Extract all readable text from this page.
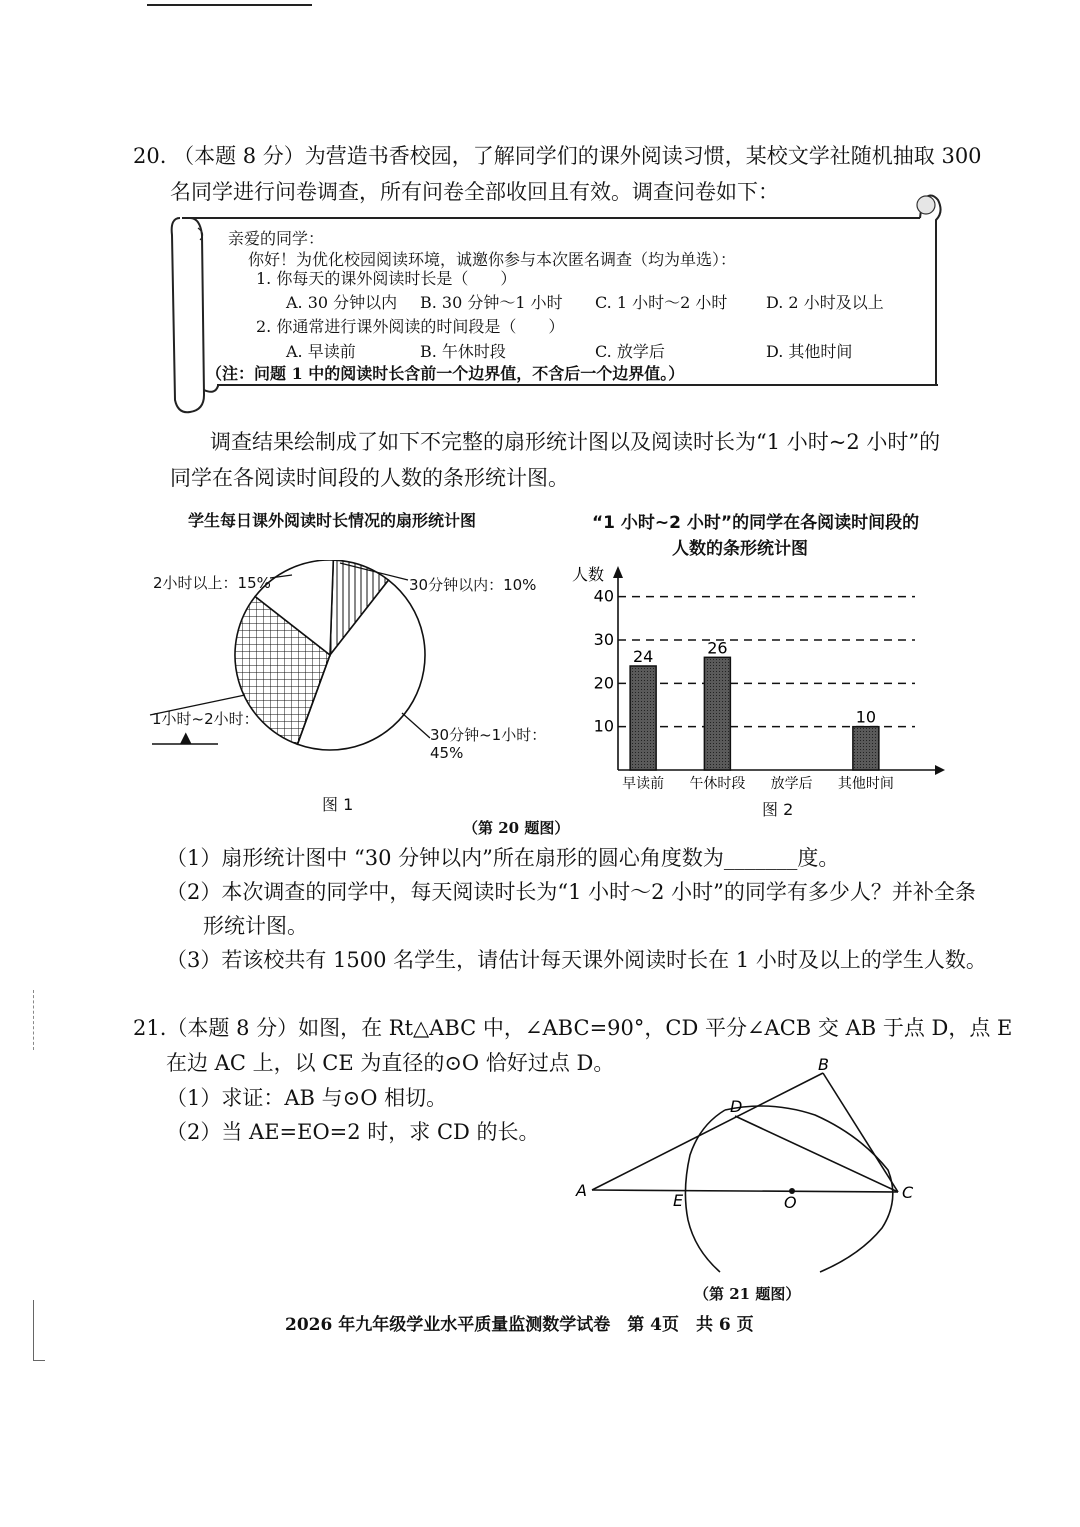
20. （本题 8 分）为营造书香校园，了解同学们的课外阅读习惯，某校文学社随机抽取 300
名同学进行问卷调查，所有问卷全部收回且有效。调查问卷如下：
亲爱的同学：
你好！为优化校园阅读环境，诚邀你参与本次匿名调查（均为单选）：
1. 你每天的课外阅读时长是（　　）
A. 30 分钟以内 B. 30 分钟～1 小时 C. 1 小时～2 小时 D. 2 小时及以上
2. 你通常进行课外阅读的时间段是（　　）
A. 早读前	B. 午休时段	C. 放学后	D. 其他时间
（注：问题 1 中的阅读时长含前一个边界值，不含后一个边界值。）
调查结果绘制成了如下不完整的扇形统计图以及阅读时长为“1 小时~2 小时”的
同学在各阅读时间段的人数的条形统计图。
学生每日课外阅读时长情况的扇形统计图
2小时以上：15%	30分钟以内：10%
1小时~2小时：
▲	30分钟~1小时：
45%
图 1
“1 小时~2 小时”的同学在各阅读时间段的
人数的条形统计图
人数
10
20
30
40
24
早读前
26
午休时段 放学后
10
其他时间
图 2
（第 20 题图）
（1）扇形统计图中 “30 分钟以内”所在扇形的圆心角度数为_______度。
（2）本次调查的同学中，每天阅读时长为“1 小时～2 小时”的同学有多少人？并补全条
形统计图。
（3）若该校共有 1500 名学生，请估计每天课外阅读时长在 1 小时及以上的学生人数。
21.（本题 8 分）如图，在 Rt△ABC 中，∠ABC=90°，CD 平分∠ACB 交 AB 于点 D，点 E
在边 AC 上，以 CE 为直径的⊙O 恰好过点 D。
（1）求证：AB 与⊙O 相切。
（2）当 AE=EO=2 时，求 CD 的长。
A
B
C
D
E	O
（第 21 题图）
2026 年九年级学业水平质量监测数学试卷　第 4页　共 6 页
